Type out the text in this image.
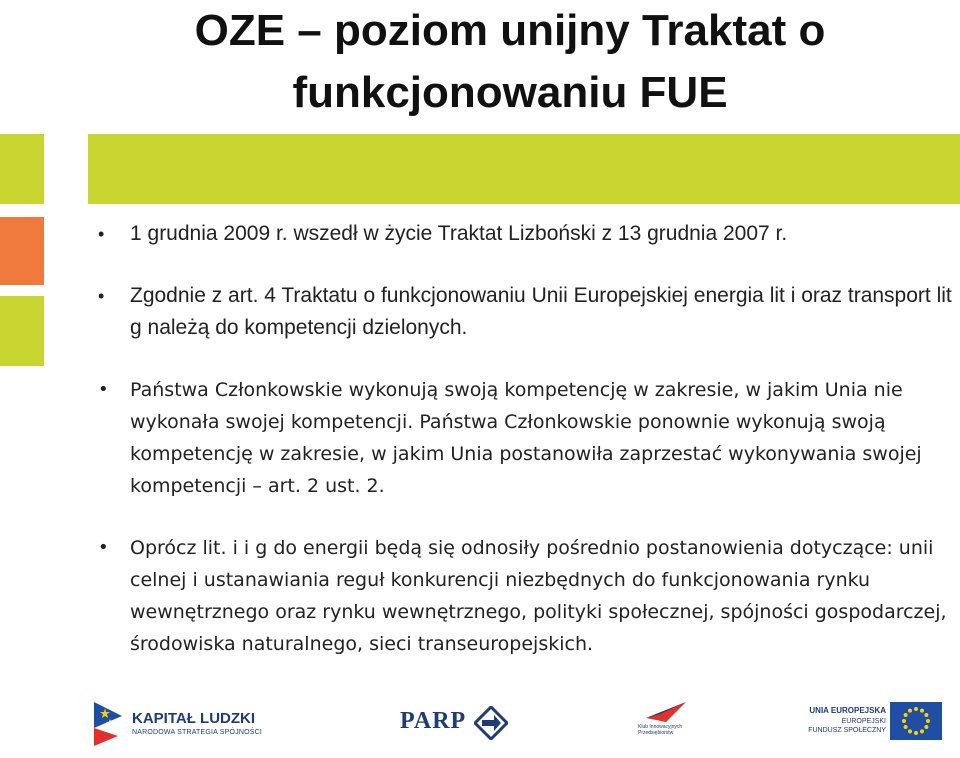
OZE – poziom unijny Traktat o
funkcjonowaniu FUE
• 1 grudnia 2009 r. wszedł w życie Traktat Lizboński z 13 grudnia 2007 r.
• Zgodnie z art. 4 Traktatu o funkcjonowaniu Unii Europejskiej energia lit i oraz transport lit g należą do kompetencji dzielonych.
• Państwa Członkowskie wykonują swoją kompetencję w zakresie, w jakim Unia nie wykonała swojej kompetencji. Państwa Członkowskie ponownie wykonują swoją kompetencję w zakresie, w jakim Unia postanowiła zaprzestać wykonywania swojej kompetencji – art. 2 ust. 2.
• Oprócz lit. i i g do energii będą się odnosiły pośrednio postanowienia dotyczące: unii celnej i ustanawiania reguł konkurencji niezbędnych do funkcjonowania rynku wewnętrznego oraz rynku wewnętrznego, polityki społecznej, spójności gospodarczej, środowiska naturalnego, sieci transeuropejskich.
KAPITAŁ LUDZKI
NARODOWA STRATEGIA SPÓJNOŚCI	PARP	Klub Innowacyjnych Przedsiębiorstw
UNIA EUROPEJSKA
EUROPEJSKI
FUNDUSZ SPOŁECZNY
